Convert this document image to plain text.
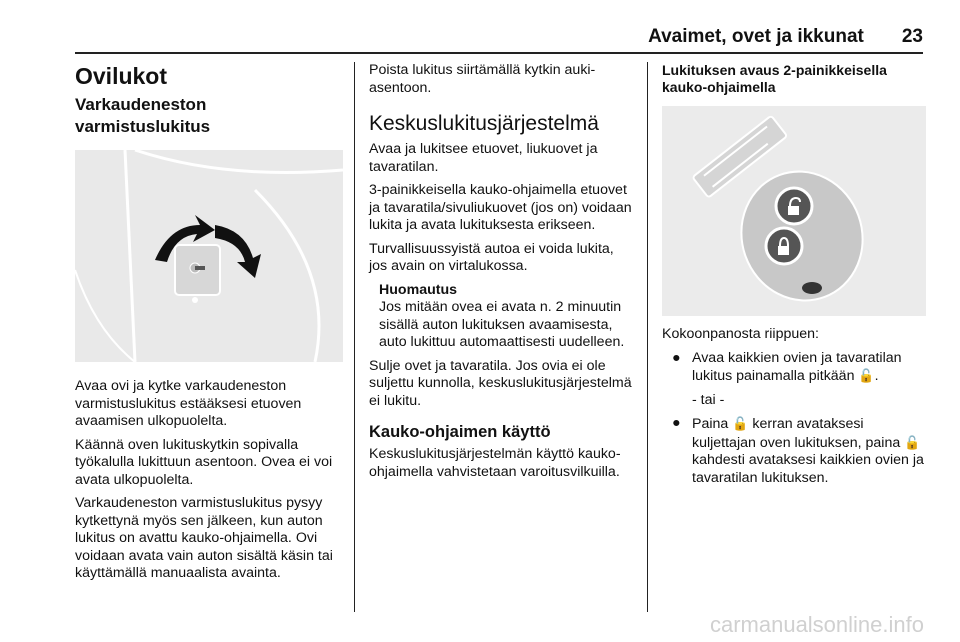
Avaimet, ovet ja ikkunat 23
Ovilukot
Varkaudeneston varmistuslukitus

Avaa ovi ja kytke varkaudeneston varmistuslukitus estääksesi etuoven avaamisen ulkopuolelta.

Käännä oven lukituskytkin sopivalla työkalulla lukittuun asentoon. Ovea ei voi avata ulkopuolelta.

Varkaudeneston varmistuslukitus pysyy kytkettynä myös sen jälkeen, kun auton lukitus on avattu kauko-ohjaimella. Ovi voidaan avata vain auton sisältä käsin tai käyttämällä manuaalista avainta.

Poista lukitus siirtämällä kytkin auki-asentoon.

Keskuslukitusjärjestelmä

Avaa ja lukitsee etuovet, liukuovet ja tavaratilan.

3-painikkeisella kauko-ohjaimella etuovet ja tavaratila/sivuliukuovet (jos on) voidaan lukita ja avata lukituksesta erikseen.

Turvallisuussyistä autoa ei voida lukita, jos avain on virtalukossa.

Huomautus
Jos mitään ovea ei avata n. 2 minuutin sisällä auton lukituksen avaamisesta, auto lukittuu automaattisesti uudelleen.

Sulje ovet ja tavaratila. Jos ovia ei ole suljettu kunnolla, keskuslukitusjärjestelmä ei lukitu.

Kauko-ohjaimen käyttö

Keskuslukitusjärjestelmän käyttö kauko-ohjaimella vahvistetaan varoitusvilkuilla.

Lukituksen avaus 2-painikkeisella kauko-ohjaimella

Kokoonpanosta riippuen:

● Avaa kaikkien ovien ja tavaratilan lukitus painamalla pitkään 🔓.

- tai -

● Paina 🔓 kerran avataksesi kuljettajan oven lukituksen, paina 🔓 kahdesti avataksesi kaikkien ovien ja tavaratilan lukituksen.
carmanualsonline.info
